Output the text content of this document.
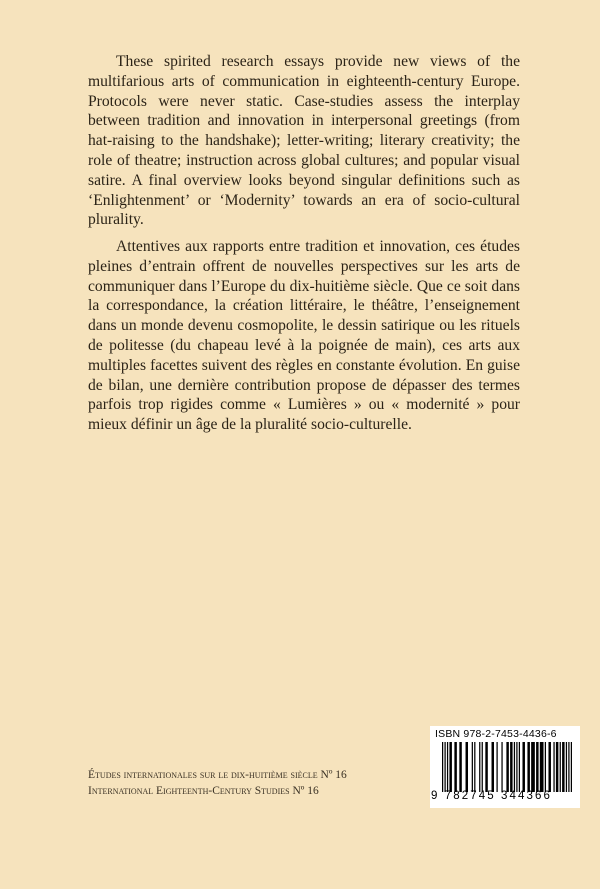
These spirited research essays provide new views of the multifarious arts of communication in eighteenth-century Europe. Protocols were never static. Case-studies assess the interplay between tradition and innovation in interpersonal greetings (from hat-raising to the handshake); letter-writing; literary creativity; the role of theatre; instruction across global cultures; and popular visual satire. A final overview looks beyond singular definitions such as ‘Enlightenment’ or ‘Modernity’ towards an era of socio-cultural plurality.

Attentives aux rapports entre tradition et innovation, ces études pleines d’entrain offrent de nouvelles perspectives sur les arts de communiquer dans l’Europe du dix-huitième siècle. Que ce soit dans la correspondance, la création littéraire, le théâtre, l’enseignement dans un monde devenu cosmopolite, le dessin satirique ou les rituels de politesse (du chapeau levé à la poignée de main), ces arts aux multiples facettes suivent des règles en constante évolution. En guise de bilan, une dernière contribution propose de dépasser des termes parfois trop rigides comme « Lumières » ou « modernité » pour mieux définir un âge de la pluralité socio-culturelle.

Études internationales sur le dix-huitième siècle Nº 16
International Eighteenth-Century Studies Nº 16
ISBN 978-2-7453-4436-6
9 782745 344366
